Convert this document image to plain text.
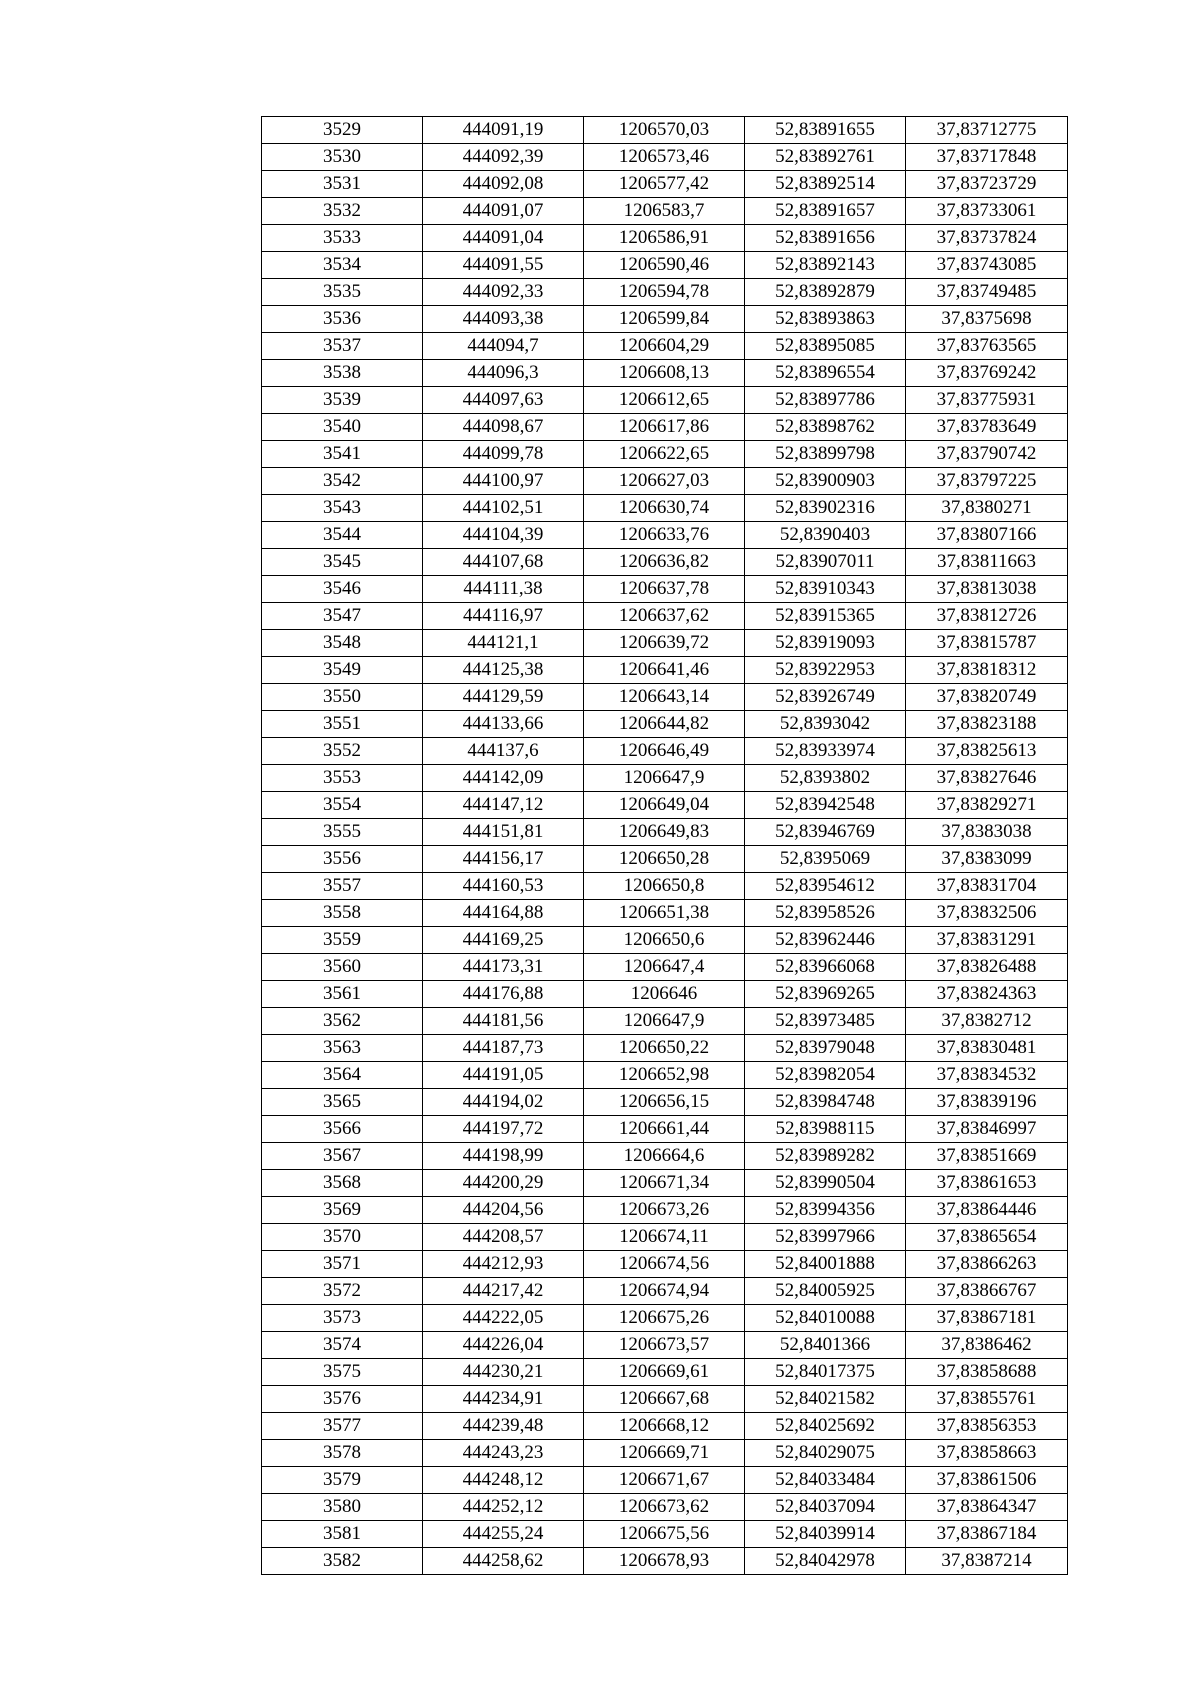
3529	444091,19	1206570,03	52,83891655	37,83712775
3530	444092,39	1206573,46	52,83892761	37,83717848
3531	444092,08	1206577,42	52,83892514	37,83723729
3532	444091,07	1206583,7	52,83891657	37,83733061
3533	444091,04	1206586,91	52,83891656	37,83737824
3534	444091,55	1206590,46	52,83892143	37,83743085
3535	444092,33	1206594,78	52,83892879	37,83749485
3536	444093,38	1206599,84	52,83893863	37,8375698
3537	444094,7	1206604,29	52,83895085	37,83763565
3538	444096,3	1206608,13	52,83896554	37,83769242
3539	444097,63	1206612,65	52,83897786	37,83775931
3540	444098,67	1206617,86	52,83898762	37,83783649
3541	444099,78	1206622,65	52,83899798	37,83790742
3542	444100,97	1206627,03	52,83900903	37,83797225
3543	444102,51	1206630,74	52,83902316	37,8380271
3544	444104,39	1206633,76	52,8390403	37,83807166
3545	444107,68	1206636,82	52,83907011	37,83811663
3546	444111,38	1206637,78	52,83910343	37,83813038
3547	444116,97	1206637,62	52,83915365	37,83812726
3548	444121,1	1206639,72	52,83919093	37,83815787
3549	444125,38	1206641,46	52,83922953	37,83818312
3550	444129,59	1206643,14	52,83926749	37,83820749
3551	444133,66	1206644,82	52,8393042	37,83823188
3552	444137,6	1206646,49	52,83933974	37,83825613
3553	444142,09	1206647,9	52,8393802	37,83827646
3554	444147,12	1206649,04	52,83942548	37,83829271
3555	444151,81	1206649,83	52,83946769	37,8383038
3556	444156,17	1206650,28	52,8395069	37,8383099
3557	444160,53	1206650,8	52,83954612	37,83831704
3558	444164,88	1206651,38	52,83958526	37,83832506
3559	444169,25	1206650,6	52,83962446	37,83831291
3560	444173,31	1206647,4	52,83966068	37,83826488
3561	444176,88	1206646	52,83969265	37,83824363
3562	444181,56	1206647,9	52,83973485	37,8382712
3563	444187,73	1206650,22	52,83979048	37,83830481
3564	444191,05	1206652,98	52,83982054	37,83834532
3565	444194,02	1206656,15	52,83984748	37,83839196
3566	444197,72	1206661,44	52,83988115	37,83846997
3567	444198,99	1206664,6	52,83989282	37,83851669
3568	444200,29	1206671,34	52,83990504	37,83861653
3569	444204,56	1206673,26	52,83994356	37,83864446
3570	444208,57	1206674,11	52,83997966	37,83865654
3571	444212,93	1206674,56	52,84001888	37,83866263
3572	444217,42	1206674,94	52,84005925	37,83866767
3573	444222,05	1206675,26	52,84010088	37,83867181
3574	444226,04	1206673,57	52,8401366	37,8386462
3575	444230,21	1206669,61	52,84017375	37,83858688
3576	444234,91	1206667,68	52,84021582	37,83855761
3577	444239,48	1206668,12	52,84025692	37,83856353
3578	444243,23	1206669,71	52,84029075	37,83858663
3579	444248,12	1206671,67	52,84033484	37,83861506
3580	444252,12	1206673,62	52,84037094	37,83864347
3581	444255,24	1206675,56	52,84039914	37,83867184
3582	444258,62	1206678,93	52,84042978	37,8387214
